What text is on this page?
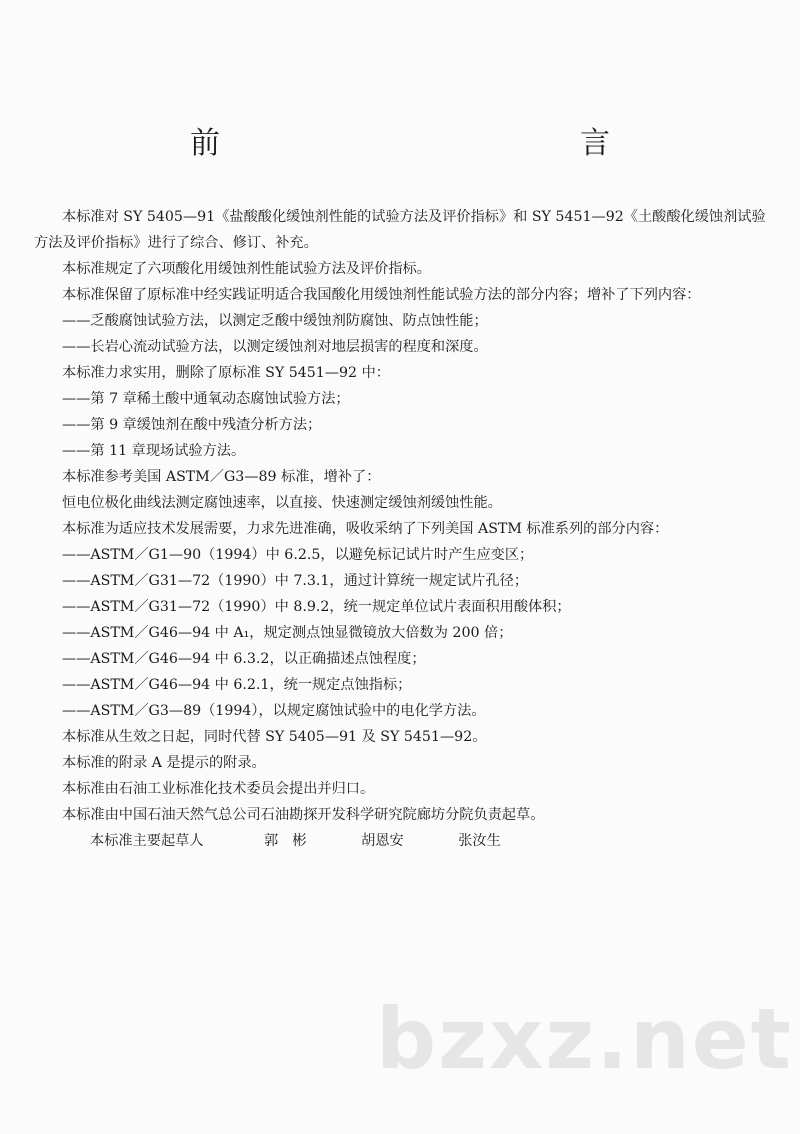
前　　言

本标准对 SY 5405—91《盐酸酸化缓蚀剂性能的试验方法及评价指标》和 SY 5451—92《土酸酸化缓蚀剂试验方法及评价指标》进行了综合、修订、补充。

本标准规定了六项酸化用缓蚀剂性能试验方法及评价指标。

本标准保留了原标准中经实践证明适合我国酸化用缓蚀剂性能试验方法的部分内容；增补了下列内容：

——乏酸腐蚀试验方法，以测定乏酸中缓蚀剂防腐蚀、防点蚀性能；

——长岩心流动试验方法，以测定缓蚀剂对地层损害的程度和深度。

本标准力求实用，删除了原标准 SY 5451—92 中：

——第 7 章稀土酸中通氧动态腐蚀试验方法；

——第 9 章缓蚀剂在酸中残渣分析方法；

——第 11 章现场试验方法。

本标准参考美国 ASTM／G3—89 标准，增补了：

恒电位极化曲线法测定腐蚀速率，以直接、快速测定缓蚀剂缓蚀性能。

本标准为适应技术发展需要，力求先进准确，吸收采纳了下列美国 ASTM 标准系列的部分内容：

——ASTM／G1—90（1994）中 6.2.5，以避免标记试片时产生应变区；

——ASTM／G31—72（1990）中 7.3.1，通过计算统一规定试片孔径；

——ASTM／G31—72（1990）中 8.9.2，统一规定单位试片表面积用酸体积；

——ASTM／G46—94 中 A₁，规定测点蚀显微镜放大倍数为 200 倍；

——ASTM／G46—94 中 6.3.2，以正确描述点蚀程度；

——ASTM／G46—94 中 6.2.1，统一规定点蚀指标；

——ASTM／G3—89（1994），以规定腐蚀试验中的电化学方法。

本标准从生效之日起，同时代替 SY 5405—91 及 SY 5451—92。

本标准的附录 A 是提示的附录。

本标准由石油工业标准化技术委员会提出并归口。

本标准由中国石油天然气总公司石油勘探开发科学研究院廊坊分院负责起草。

本标准主要起草人	郭　彬	胡恩安	张汝生

bzxz.net
